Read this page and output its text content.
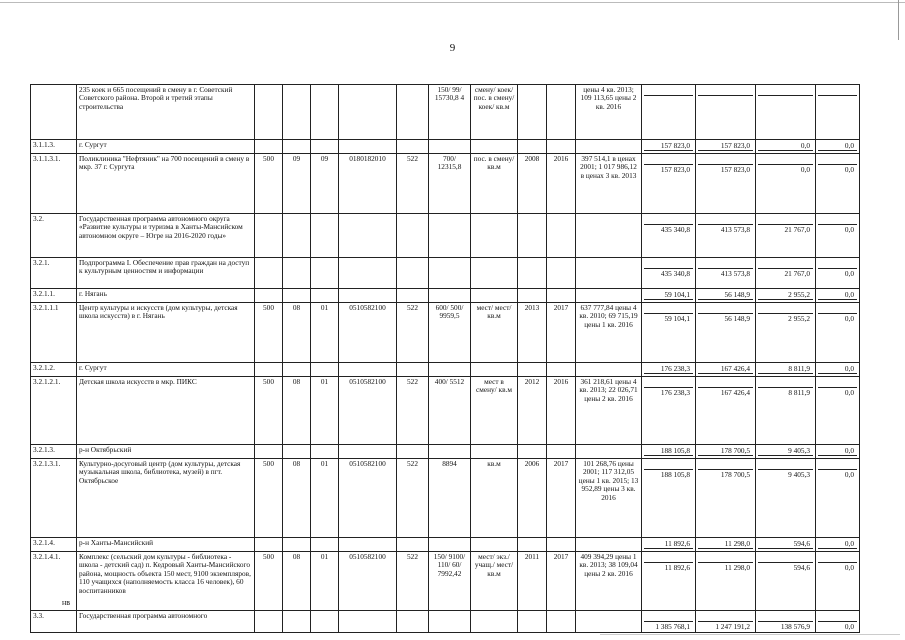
9
	235 коек и 665 посещений в смену в г. Советский Советского района. Второй и третий этапы строительства						150/ 99/ 15730,8 4	смену/ коек/ пос. в смену/ коек/ кв.м			цены 4 кв. 2013; 109 113,65 цены 2 кв. 2016	

3.1.1.3.	г. Сургут											157 823,0	157 823,0	0,0	0,0

3.1.1.3.1.	Поликлиника "Нефтяник" на 700 посещений в смену в мкр. 37 г. Сургута	500	09	09	0180182010	522	700/ 12315,8	пос. в смену/ кв.м	2008	2016	397 514,1 в ценах 2001; 1 017 986,12 в ценах 3 кв. 2013	157 823,0	157 823,0	0,0	0,0

3.2.	Государственная программа автономного округа «Развитие культуры и туризма в Ханты-Мансийском автономном округе – Югре на 2016-2020 годы»											435 340,8	413 573,8	21 767,0	0,0

3.2.1.	Подпрограмма I. Обеспечение прав граждан на доступ к культурным ценностям и информации											435 340,8	413 573,8	21 767,0	0,0

3.2.1.1.	г. Нягань											59 104,1	56 148,9	2 955,2	0,0

3.2.1.1.1	Центр культуры и искусств (дом культуры, детская школа искусств) в г. Нягань	500	08	01	0510582100	522	600/ 500/ 9959,5	мест/ мест/ кв.м	2013	2017	637 777,84 цены 4 кв. 2010; 69 715,19 цены 1 кв. 2016	59 104,1	56 148,9	2 955,2	0,0

3.2.1.2.	г. Сургут											176 238,3	167 426,4	8 811,9	0,0

3.2.1.2.1.	Детская школа искусств в мкр. ПИКС	500	08	01	0510582100	522	400/ 5512	мест в смену/ кв.м	2012	2016	361 218,61 цены 4 кв. 2013; 22 026,71 цены 2 кв. 2016	176 238,3	167 426,4	8 811,9	0,0

3.2.1.3.	р-н Октябрьский											188 105,8	178 700,5	9 405,3	0,0

3.2.1.3.1.	Культурно-досуговый центр (дом культуры, детская музыкальная школа, библиотека, музей) в пгт. Октябрьское	500	08	01	0510582100	522	8894	кв.м	2006	2017	101 268,76 цены 2001; 117 312,05 цены 1 кв. 2015; 13 952,89 цены 3 кв. 2016	188 105,8	178 700,5	9 405,3	0,0

3.2.1.4.	р-н Ханты-Мансийский											11 892,6	11 298,0	594,6	0,0

3.2.1.4.1.	Комплекс (сельский дом культуры - библиотека - школа - детский сад) п. Кедровый Ханты-Мансийского района, мощность объекта 150 мест, 9100 экземпляров, 110 учащихся (наполняемость класса 16 человек), 60 воспитанников	500	08	01	0510582100	522	150/ 9100/ 110/ 60/ 7992,42	мест/ экз./ учащ./ мест/ кв.м	2011	2017	409 394,29 цены 1 кв. 2013; 38 109,04 цены 2 кв. 2016	11 892,6	11 298,0	594,6	0,0

3.3.	Государственная программа автономного											1 385 768,1	1 247 191,2	138 576,9	0,0
нв
